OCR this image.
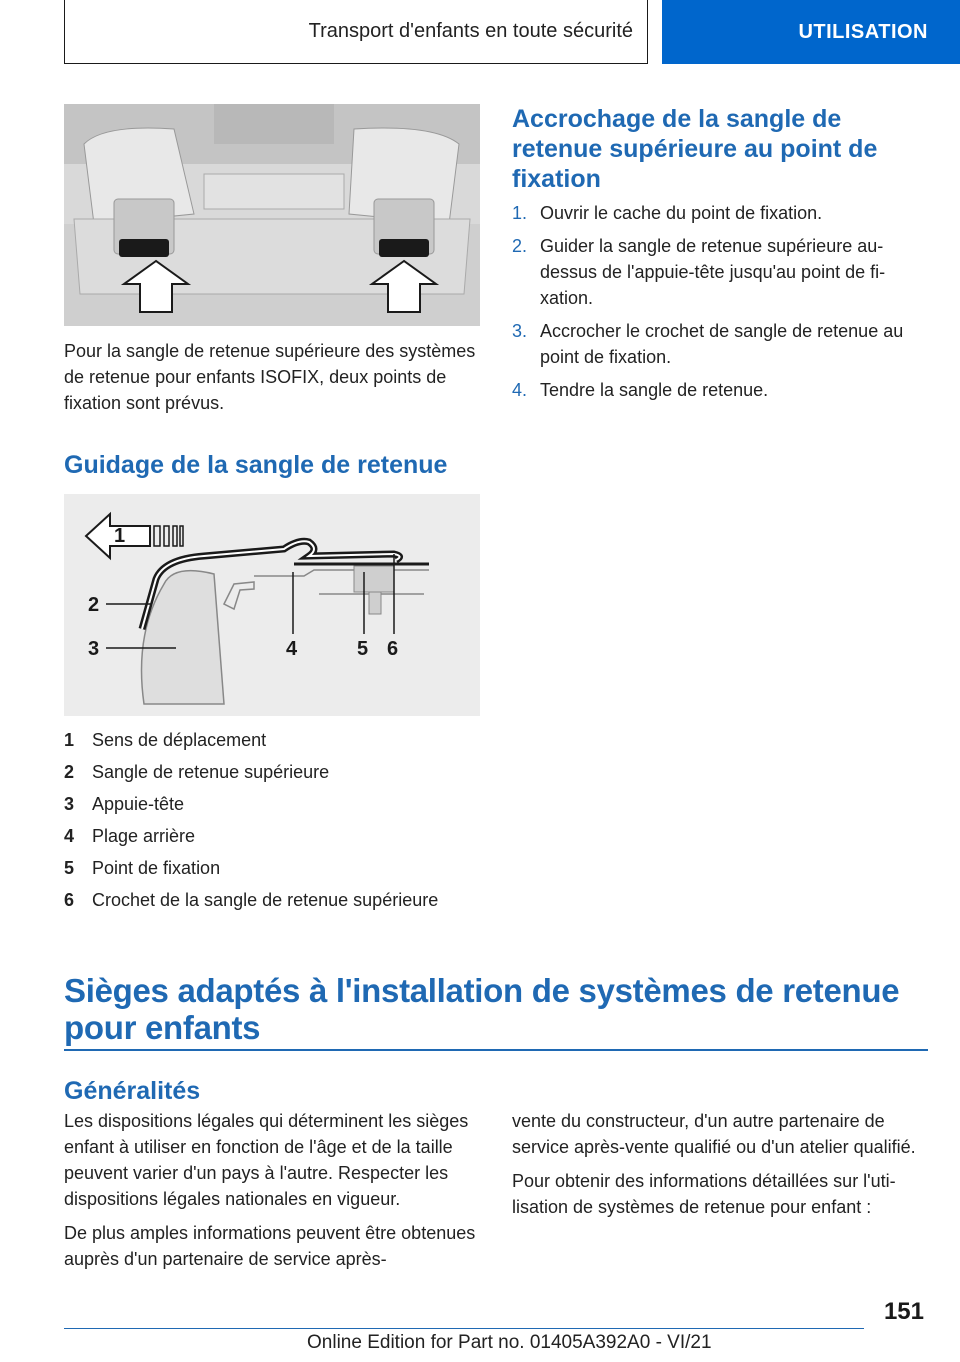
Transport d'enfants en toute sécurité	UTILISATION

Pour la sangle de retenue supérieure des systèmes de retenue pour enfants ISOFIX, deux points de fixation sont prévus.

Guidage de la sangle de retenue
1
2
3	4	5 6
1 Sens de déplacement
2 Sangle de retenue supérieure
3 Appuie-tête
4 Plage arrière
5 Point de fixation
6 Crochet de la sangle de retenue supérieure
Accrochage de la sangle de retenue supérieure au point de fixation
1. Ouvrir le cache du point de fixation.
2. Guider la sangle de retenue supérieure audessus de l'appuie-tête jusqu'au point de fixation.
3. Accrocher le crochet de sangle de retenue au point de fixation.
4. Tendre la sangle de retenue.
Sièges adaptés à l'installation de systèmes de retenue pour enfants
Généralités

Les dispositions légales qui déterminent les sièges enfant à utiliser en fonction de l'âge et de la taille peuvent varier d'un pays à l'autre. Respecter les dispositions légales nationales en vigueur.

De plus amples informations peuvent être obtenues auprès d'un partenaire de service après-

vente du constructeur, d'un autre partenaire de service après-vente qualifié ou d'un atelier qualifié.

Pour obtenir des informations détaillées sur l'utilisation de systèmes de retenue pour enfant :

151
Online Edition for Part no. 01405A392A0 - VI/21
